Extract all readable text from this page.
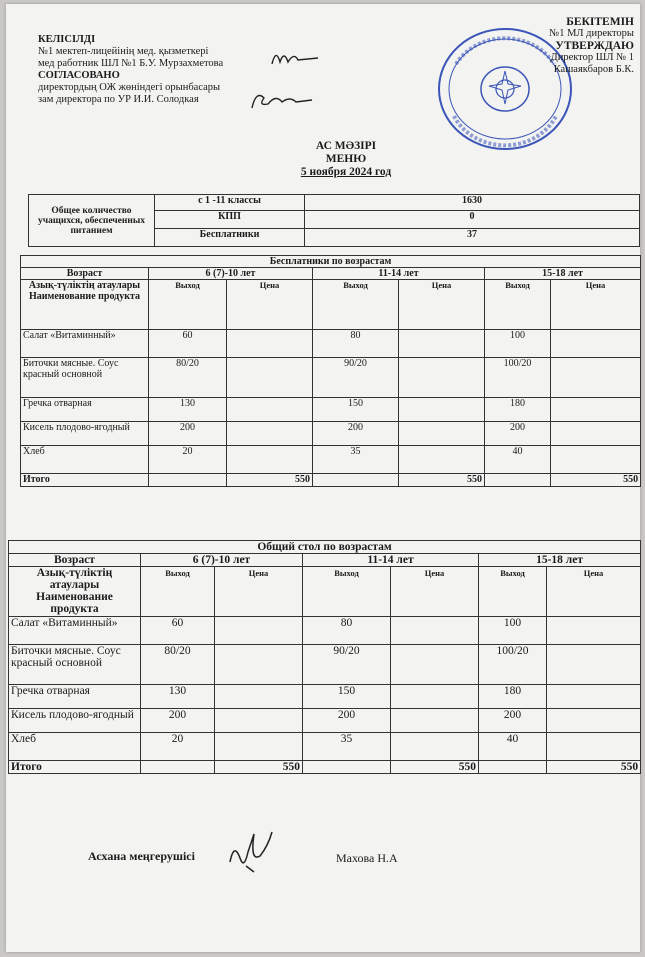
КЕЛІСІЛДІ
№1 мектеп-лицейінің мед. қызметкері
мед работник ШЛ №1 Б.У. Мурзахметова
СОГЛАСОВАНО
директордың ОЖ жөніндегі орынбасары
зам директора по УР И.И. Солодкая
БЕКІТЕМІН
№1 МЛ директоры
УТВЕРЖДАЮ
Директор ШЛ № 1
Кашаякбаров Б.К.
АС МӘЗІРІ
МЕНЮ
5 ноября 2024 год
Общее количество учащихся, обеспеченных питанием	с 1 -11 классы	1630
	КПП	0
	Бесплатники	37
Бесплатники по возрастам						
Возраст	6 (7)-10 лет		11-14 лет		15-18 лет	
Азық-түліктің атаулары Наименование продукта	Выход	Цена	Выход	Цена	Выход	Цена
Салат «Витаминный»	60		80		100	
Биточки мясные. Соус красный основной	80/20		90/20		100/20	
Гречка отварная	130		150		180	
Кисель плодово-ягодный	200		200		200	
Хлеб	20		35		40	
Итого		550		550		550
Общий стол по возрастам						
Возраст	6 (7)-10 лет		11-14 лет		15-18 лет	
Азық-түліктің атаулары Наименование продукта	Выход	Цена	Выход	Цена	Выход	Цена
Салат «Витаминный»	60		80		100	
Биточки мясные. Соус красный основной	80/20		90/20		100/20	
Гречка отварная	130		150		180	
Кисель плодово-ягодный	200		200		200	
Хлеб	20		35		40	
Итого		550		550		550
Асхана меңгерушісі	Махова Н.А
